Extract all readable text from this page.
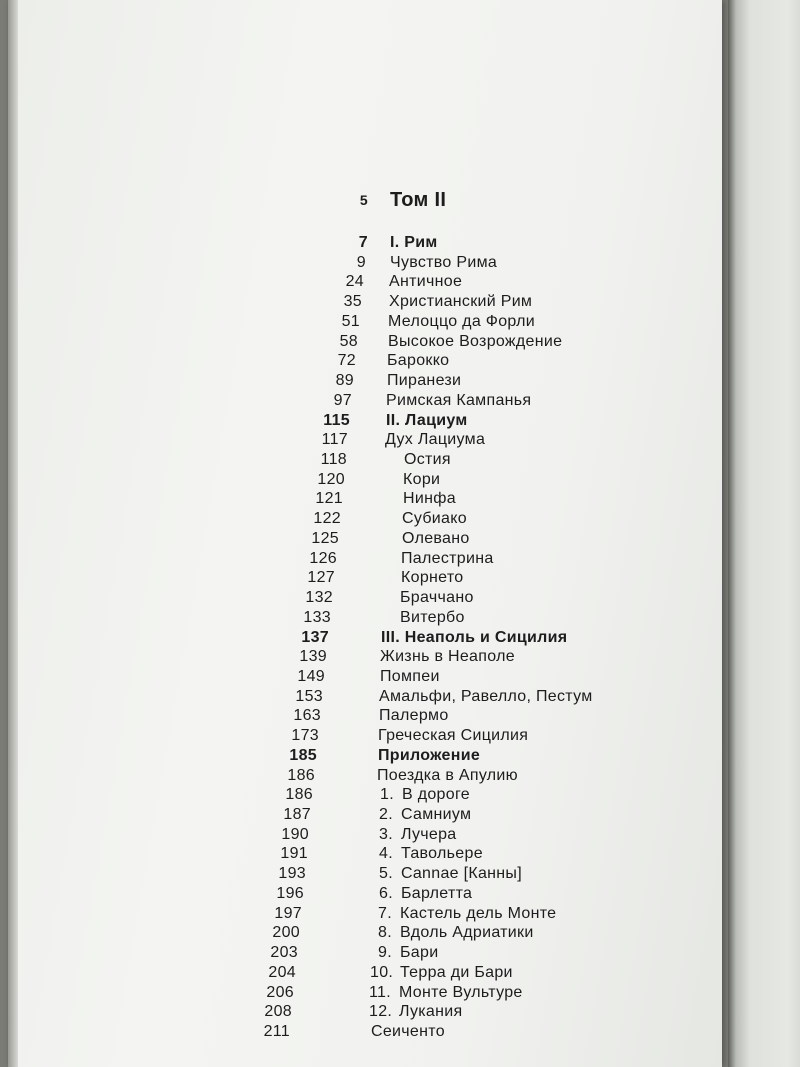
5 Том II
7 I. Рим
9 Чувство Рима
24 Античное
35 Христианский Рим
51 Мелоццо да Форли
58 Высокое Возрождение
72 Барокко
89 Пиранези
97 Римская Кампанья
115 II. Лациум
117 Дух Лациума
118	Остия
120	Кори
121	Нинфа
122	Субиако
125	Олевано
126	Палестрина
127	Корнето
132	Браччано
133	Витербо
137	III. Неаполь и Сицилия
139	Жизнь в Неаполе
149	Помпеи
153	Амальфи, Равелло, Пестум
163	Палермо
173	Греческая Сицилия
185	Приложение
186	Поездка в Апулию
186	1. В дороге
187	2. Самниум
190	3. Лучера
191	4. Тавольере
193	5. Cannae [Канны]
196	6. Барлетта
197	7. Кастель дель Монте
200	8. Вдоль Адриатики
203	9. Бари
204	10. Терра ди Бари
206	11. Монте Вультуре
208	12. Лукания
211	Сеиченто
